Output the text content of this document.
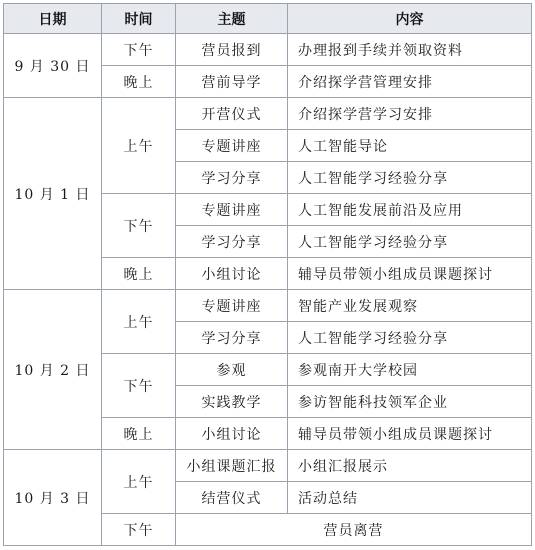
日期	时间	主题	内容
9 月 30 日	下午	营员报到	办理报到手续并领取资料
	晚上	营前导学	介绍探学营管理安排
10 月 1 日	上午	开营仪式	介绍探学营学习安排
		专题讲座	人工智能导论
		学习分享	人工智能学习经验分享
	下午	专题讲座	人工智能发展前沿及应用
		学习分享	人工智能学习经验分享
	晚上	小组讨论	辅导员带领小组成员课题探讨
10 月 2 日	上午	专题讲座	智能产业发展观察
		学习分享	人工智能学习经验分享
	下午	参观	参观南开大学校园
		实践教学	参访智能科技领军企业
	晚上	小组讨论	辅导员带领小组成员课题探讨
10 月 3 日	上午	小组课题汇报	小组汇报展示
		结营仪式	活动总结
	下午	营员离营	
